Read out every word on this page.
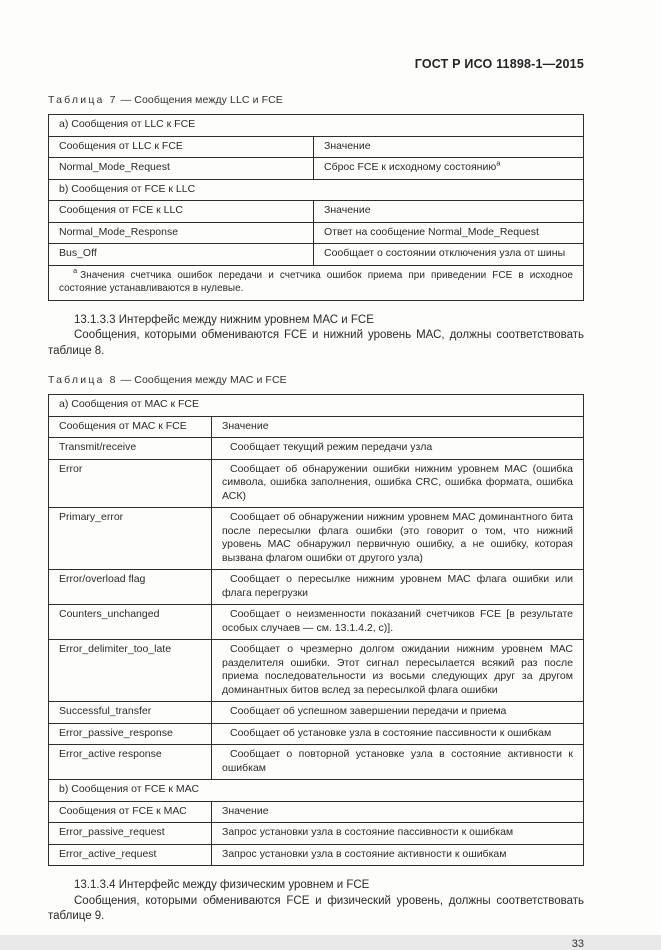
ГОСТ Р ИСО 11898-1—2015

Таблица 7 — Сообщения между LLC и FCE

a) Сообщения от LLC к FCE	
Сообщения от LLC к FCE	Значение
Normal_Mode_Request	Сброс FCE к исходному состоянию$^a$
b) Сообщения от FCE к LLC	
Сообщения от FCE к LLC	Значение
Normal_Mode_Response	Ответ на сообщение Normal_Mode_Request
Bus_Off	Сообщает о состоянии отключения узла от шины
$^a$ Значения счетчика ошибок передачи и счетчика ошибок приема при приведении FCE в исходное состояние устанавливаются в нулевые.	

13.1.3.3 Интерфейс между нижним уровнем МАС и FCE

Сообщения, которыми обмениваются FCE и нижний уровень МАС, должны соответствовать таблице 8.

Таблица 8 — Сообщения между МАС и FCE

a) Сообщения от МАС к FCE	
Сообщения от МАС к FCE	Значение
Transmit/receive	Сообщает текущий режим передачи узла
Error	Сообщает об обнаружении ошибки нижним уровнем МАС (ошибка символа, ошибка заполнения, ошибка CRC, ошибка формата, ошибка АСК)
Primary_error	Сообщает об обнаружении нижним уровнем МАС доминантного бита после пересылки флага ошибки (это говорит о том, что нижний уровень МАС обнаружил первичную ошибку, а не ошибку, которая вызвана флагом ошибки от другого узла)
Error/overload flag	Сообщает о пересылке нижним уровнем МАС флага ошибки или флага перегрузки
Counters_unchanged	Сообщает о неизменности показаний счетчиков FCE [в результате особых случаев — см. 13.1.4.2, c)].
Error_delimiter_too_late	Сообщает о чрезмерно долгом ожидании нижним уровнем МАС разделителя ошибки. Этот сигнал пересылается всякий раз после приема последовательности из восьми следующих друг за другом доминантных битов вслед за пересылкой флага ошибки
Successful_transfer	Сообщает об успешном завершении передачи и приема
Error_passive_response	Сообщает об установке узла в состояние пассивности к ошибкам
Error_active response	Сообщает о повторной установке узла в состояние активности к ошибкам
b) Сообщения от FCE к МАС	
Сообщения от FCE к МАС	Значение
Error_passive_request	Запрос установки узла в состояние пассивности к ошибкам
Error_active_request	Запрос установки узла в состояние активности к ошибкам

13.1.3.4 Интерфейс между физическим уровнем и FCE

Сообщения, которыми обмениваются FCE и физический уровень, должны соответствовать таблице 9.

33
